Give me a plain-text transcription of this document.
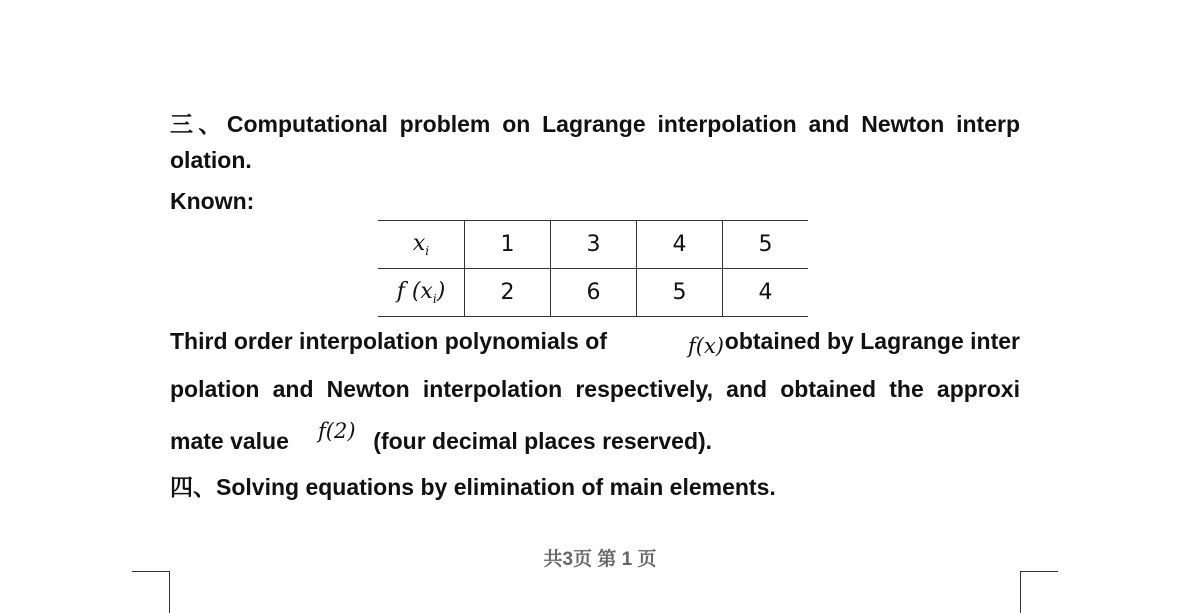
三、Computational problem on Lagrange interpolation and Newton interp
olation.
Known:
$x_i$	1	3	4	5
f $(x_i)$	2	6	5	4
Third order interpolation polynomials of	obtained by Lagrange inter
f(x)
polation and Newton interpolation respectively, and obtained the approxi
mate value	(four decimal places reserved).
f(2)
四、Solving equations by elimination of main elements.
共3页 第 1 页
